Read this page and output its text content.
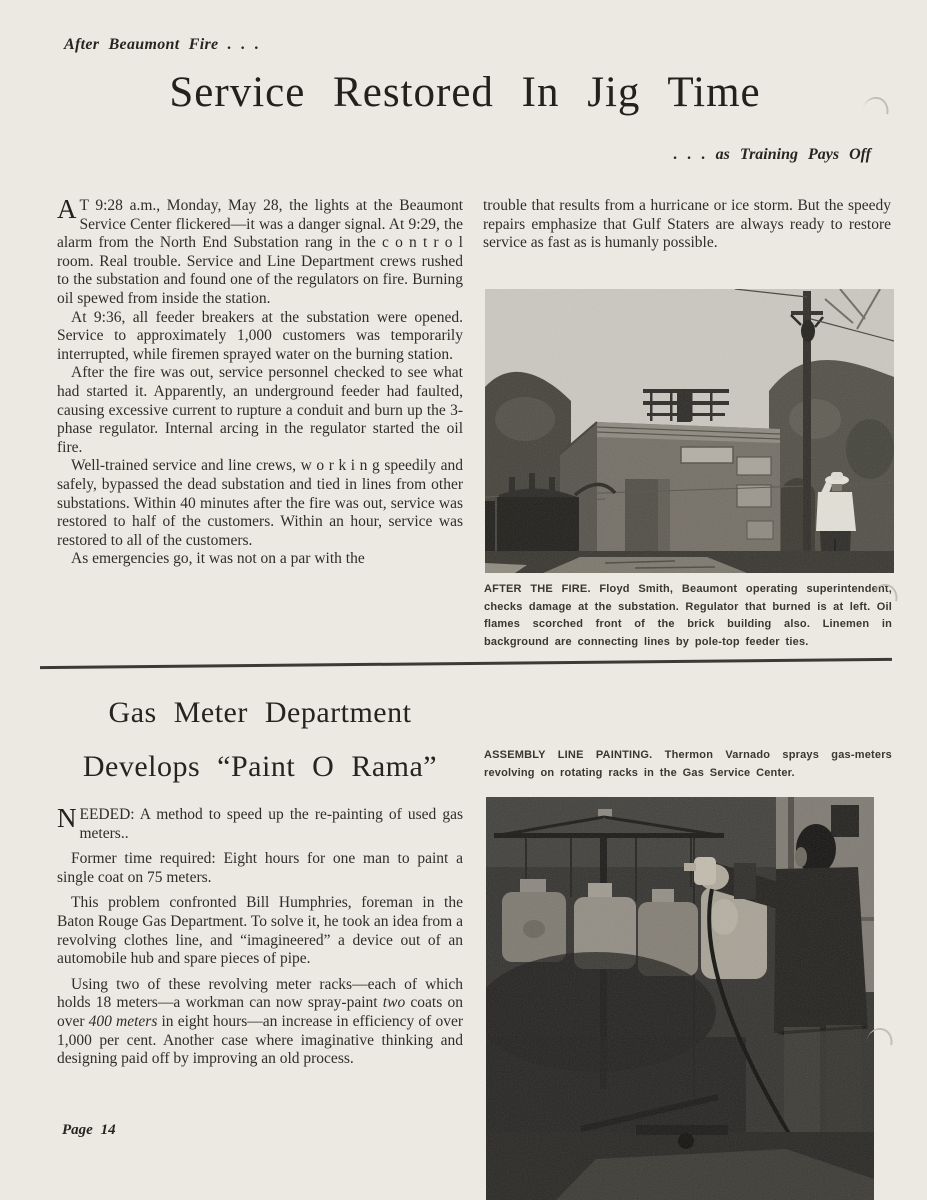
After Beaumont Fire . . .
Service Restored In Jig Time
. . . as Training Pays Off

A T 9:28 a.m., Monday, May 28, the lights at the Beaumont Service Center flickered—it was a danger signal. At 9:29, the alarm from the North End Substation rang in the c o n t r o l room. Real trouble. Service and Line Department crews rushed to the substation and found one of the regulators on fire. Burning oil spewed from inside the station.

At 9:36, all feeder breakers at the substation were opened. Service to approximately 1,000 customers was temporarily interrupted, while firemen sprayed water on the burning station.

After the fire was out, service personnel checked to see what had started it. Apparently, an underground feeder had faulted, causing excessive current to rupture a conduit and burn up the 3-phase regulator. Internal arcing in the regulator started the oil fire.

Well-trained service and line crews, w o r k i n g speedily and safely, bypassed the dead substation and tied in lines from other substations. Within 40 minutes after the fire was out, service was restored to half of the customers. Within an hour, service was restored to all of the customers.

As emergencies go, it was not on a par with the

trouble that results from a hurricane or ice storm. But the speedy repairs emphasize that Gulf Staters are always ready to restore service as fast as is humanly possible.

AFTER THE FIRE. Floyd Smith, Beaumont operating superintendent, checks damage at the substation. Regulator that burned is at left. Oil flames scorched front of the brick building also. Linemen in background are connecting lines by pole-top feeder ties.
Gas Meter Department
Develops “Paint O Rama”	ASSEMBLY LINE PAINTING. Thermon Varnado sprays gas-meters revolving on rotating racks in the Gas Service Center.

NEEDED: A method to speed up the re-painting of used gas meters..

Former time required: Eight hours for one man to paint a single coat on 75 meters.

This problem confronted Bill Humphries, foreman in the Baton Rouge Gas Department. To solve it, he took an idea from a revolving clothes line, and “imagineered” a device out of an automobile hub and spare pieces of pipe.

Using two of these revolving meter racks—each of which holds 18 meters—a workman can now spray-paint two coats on over 400 meters in eight hours—an increase in efficiency of over 1,000 per cent. Another case where imaginative thinking and designing paid off by improving an old process.

Page 14
